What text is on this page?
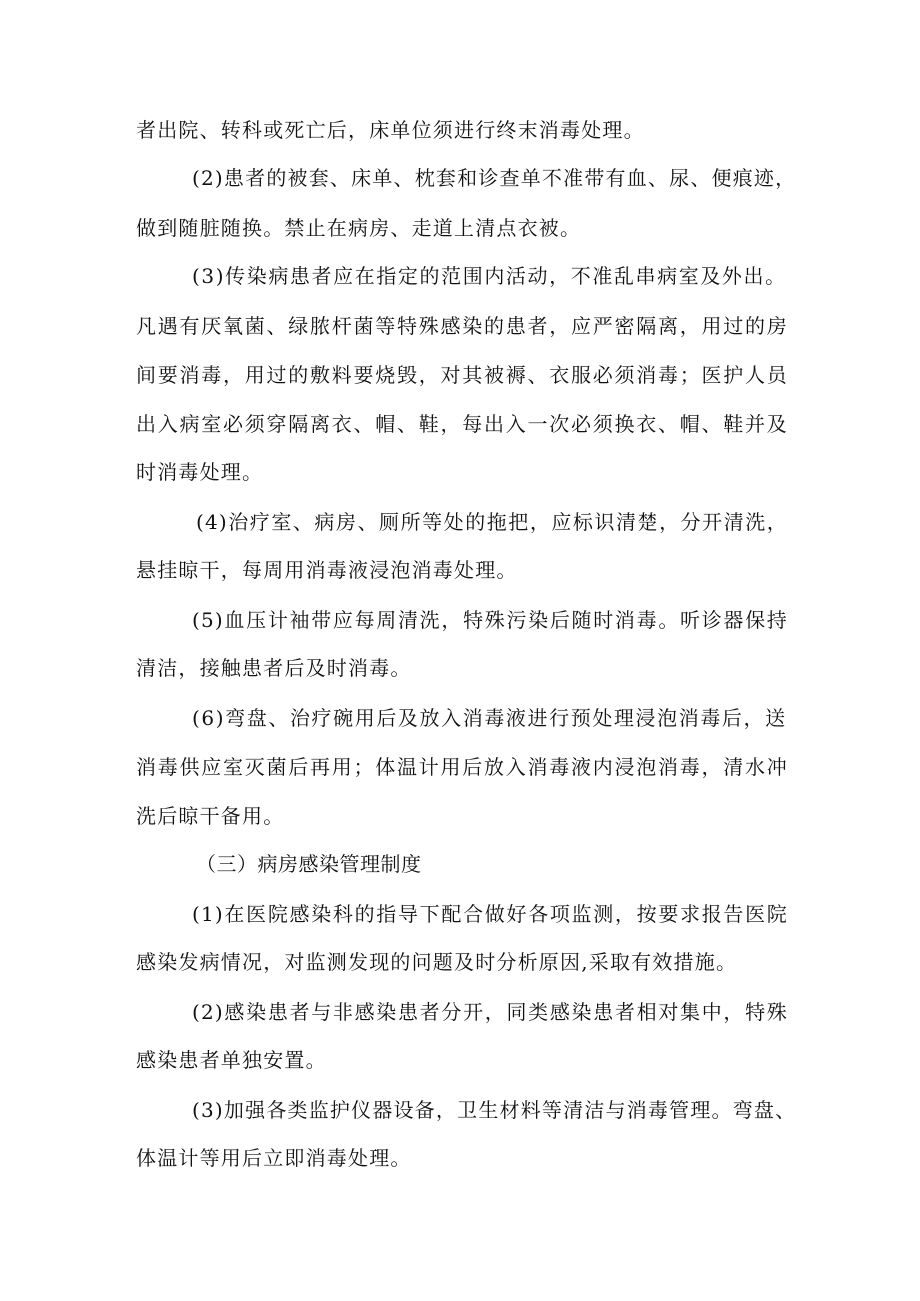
者出院、转科或死亡后，床单位须进行终末消毒处理。
(2)患者的被套、床单、枕套和诊查单不准带有血、尿、便痕迹，
做到随脏随换。禁止在病房、走道上清点衣被。
(3)传染病患者应在指定的范围内活动，不准乱串病室及外出。
凡遇有厌氧菌、绿脓杆菌等特殊感染的患者，应严密隔离，用过的房
间要消毒，用过的敷料要烧毁，对其被褥、衣服必须消毒；医护人员
出入病室必须穿隔离衣、帽、鞋，每出入一次必须换衣、帽、鞋并及
时消毒处理。
(4)治疗室、病房、厕所等处的拖把，应标识清楚，分开清洗，
悬挂晾干，每周用消毒液浸泡消毒处理。
(5)血压计袖带应每周清洗，特殊污染后随时消毒。听诊器保持
清洁，接触患者后及时消毒。
(6)弯盘、治疗碗用后及放入消毒液进行预处理浸泡消毒后，送
消毒供应室灭菌后再用；体温计用后放入消毒液内浸泡消毒，清水冲
洗后晾干备用。
（三）病房感染管理制度
(1)在医院感染科的指导下配合做好各项监测，按要求报告医院
感染发病情况，对监测发现的问题及时分析原因,采取有效措施。
(2)感染患者与非感染患者分开，同类感染患者相对集中，特殊
感染患者单独安置。
(3)加强各类监护仪器设备，卫生材料等清洁与消毒管理。弯盘、
体温计等用后立即消毒处理。
